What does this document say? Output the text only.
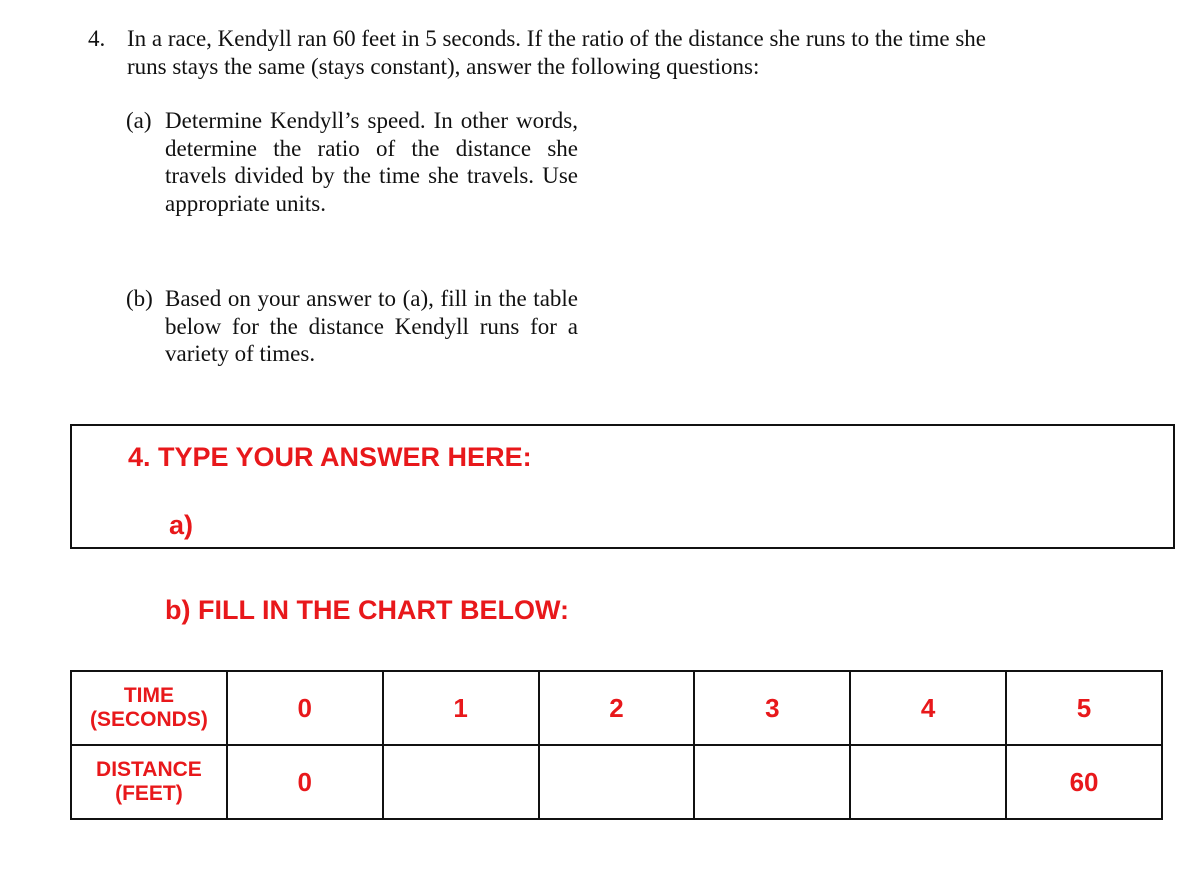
4. In a race, Kendyll ran 60 feet in 5 seconds. If the ratio of the distance she runs to the time she runs stays the same (stays constant), answer the following questions:
(a) Determine Kendyll’s speed. In other words, determine the ratio of the distance she travels divided by the time she travels. Use appropriate units.
(b) Based on your answer to (a), fill in the table below for the distance Kendyll runs for a variety of times.
4. TYPE YOUR ANSWER HERE:
a)
b) FILL IN THE CHART BELOW:
TIME
(SECONDS)	0	1	2	3	4	5
DISTANCE
(FEET)	0					60
